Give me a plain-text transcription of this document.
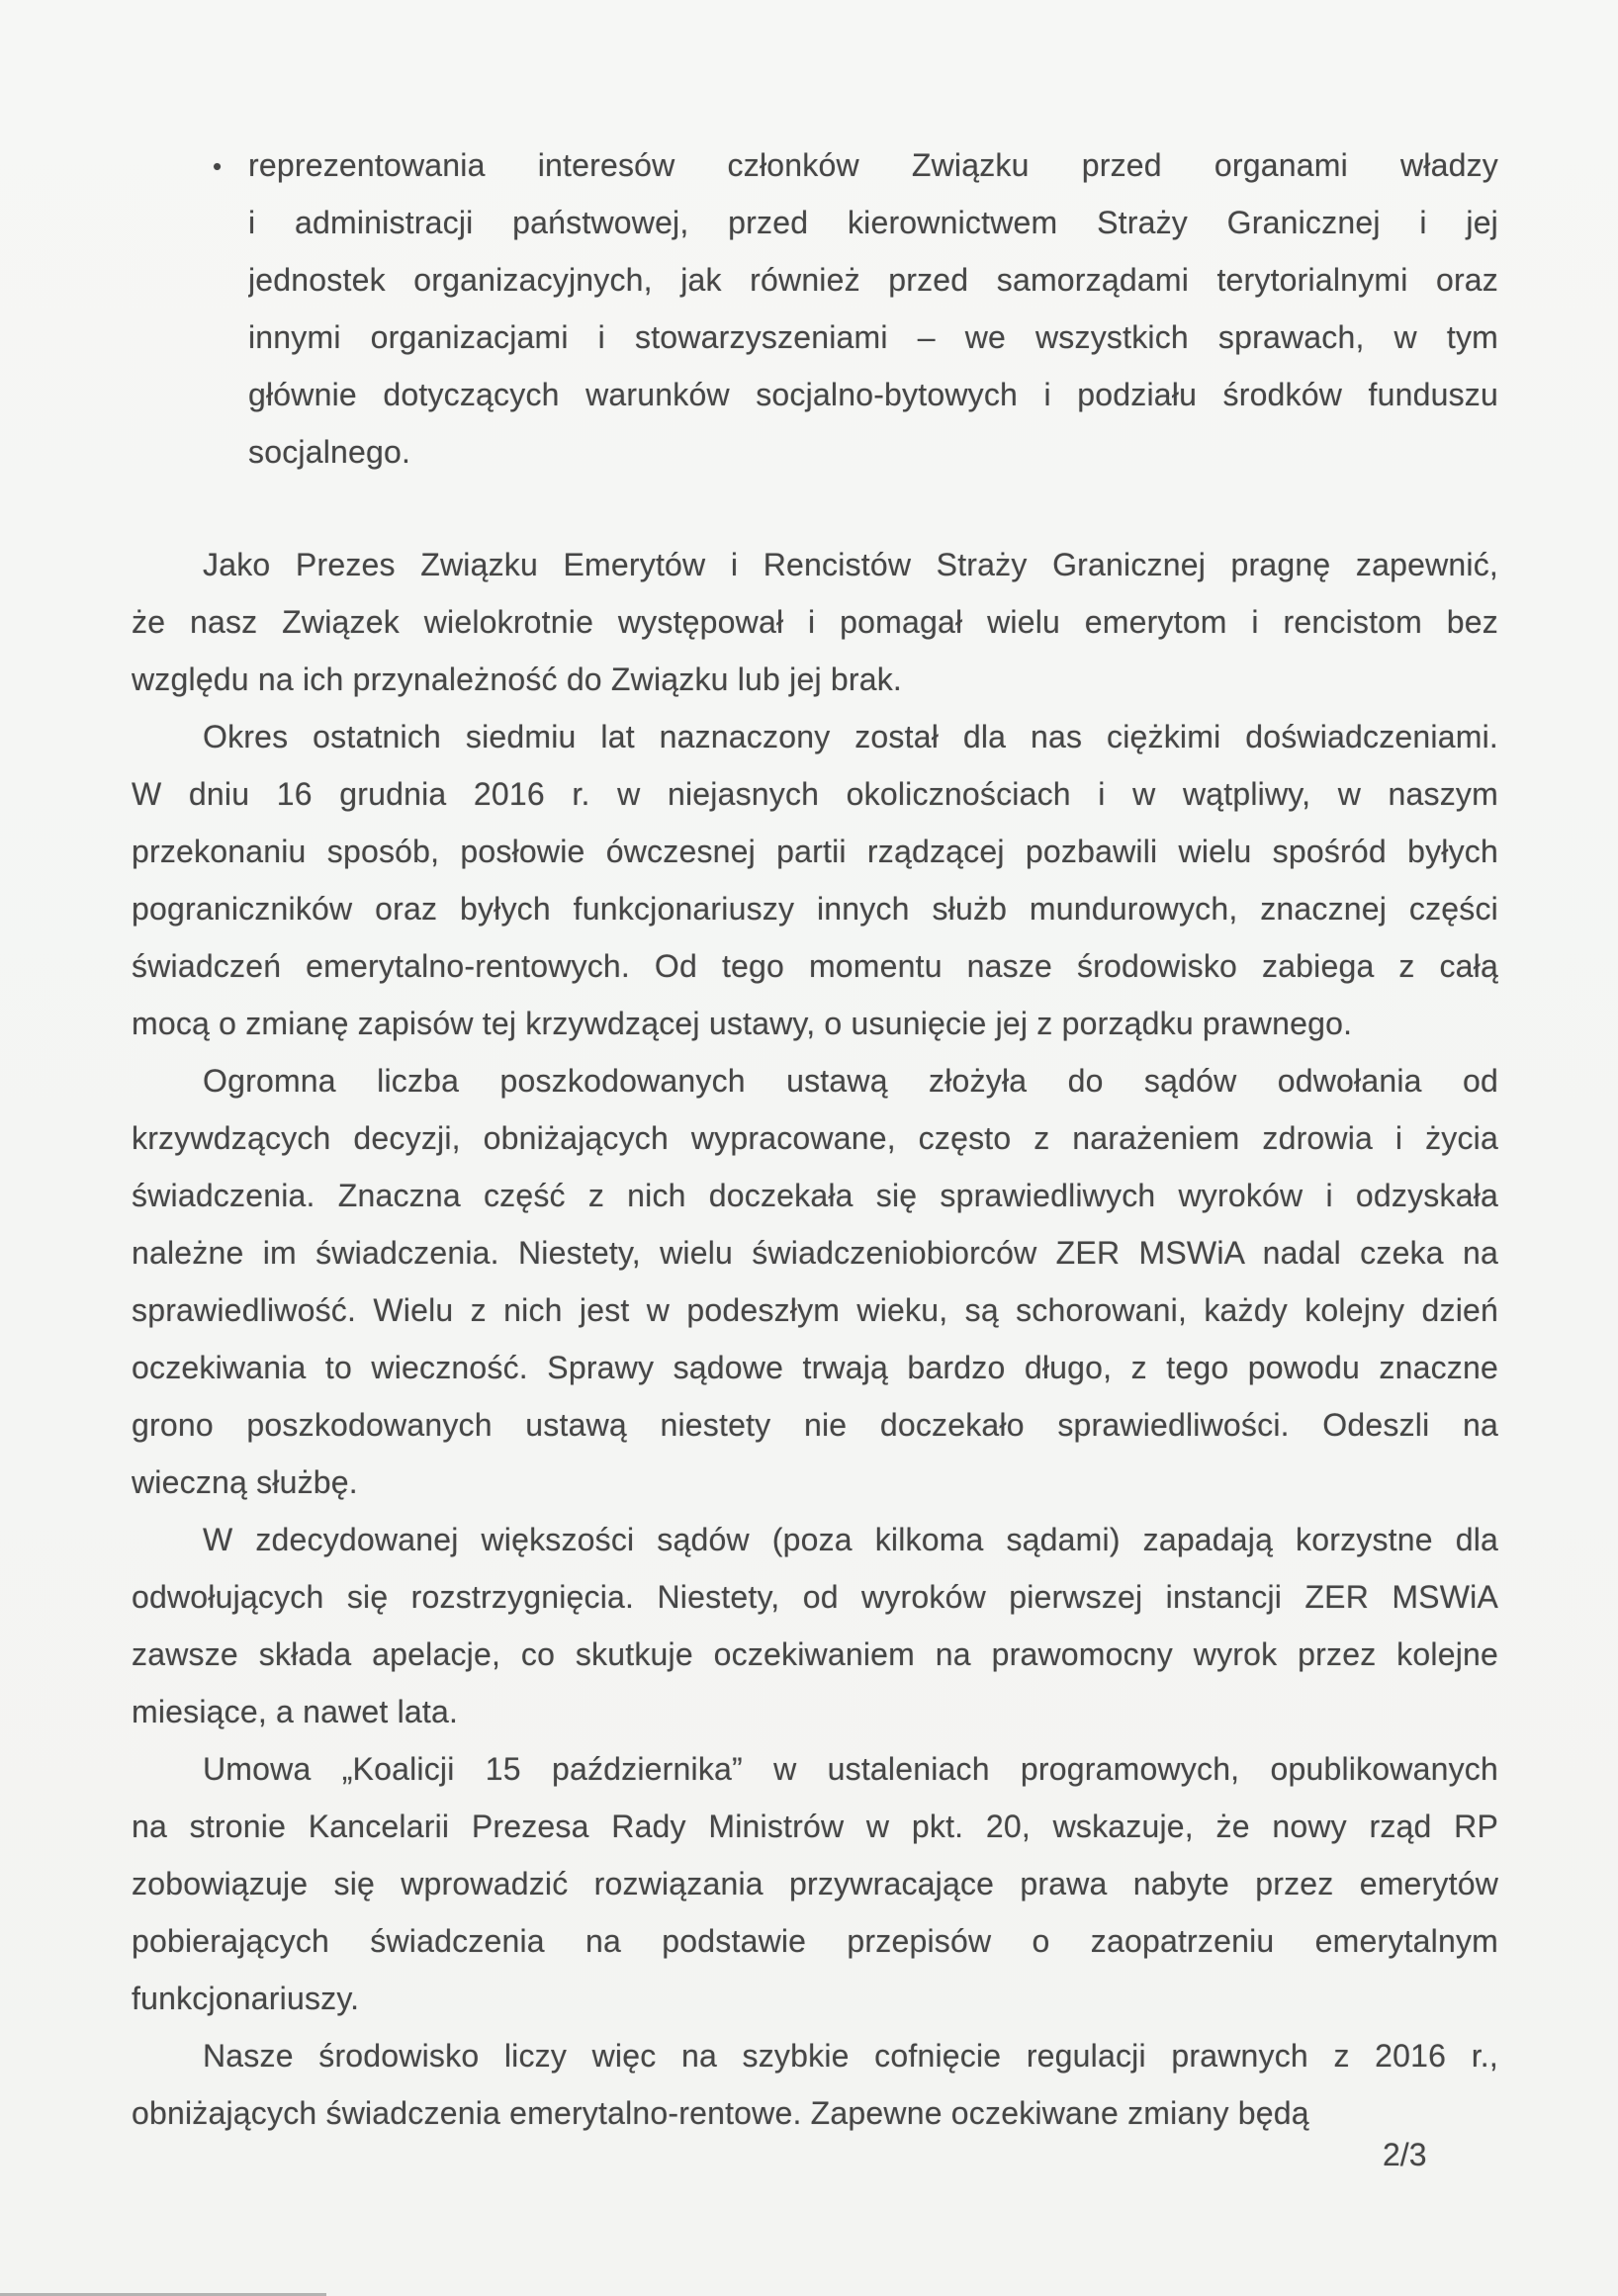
• reprezentowania interesów członków Związku przed organami władzy
i administracji państwowej, przed kierownictwem Straży Granicznej i jej
jednostek organizacyjnych, jak również przed samorządami terytorialnymi oraz
innymi organizacjami i stowarzyszeniami – we wszystkich sprawach, w tym
głównie dotyczących warunków socjalno-bytowych i podziału środków funduszu
socjalnego.
Jako Prezes Związku Emerytów i Rencistów Straży Granicznej pragnę zapewnić,
że nasz Związek wielokrotnie występował i pomagał wielu emerytom i rencistom bez
względu na ich przynależność do Związku lub jej brak.
Okres ostatnich siedmiu lat naznaczony został dla nas ciężkimi doświadczeniami.
W dniu 16 grudnia 2016 r. w niejasnych okolicznościach i w wątpliwy, w naszym
przekonaniu sposób, posłowie ówczesnej partii rządzącej pozbawili wielu spośród byłych
pograniczników oraz byłych funkcjonariuszy innych służb mundurowych, znacznej części
świadczeń emerytalno-rentowych. Od tego momentu nasze środowisko zabiega z całą
mocą o zmianę zapisów tej krzywdzącej ustawy, o usunięcie jej z porządku prawnego.
Ogromna liczba poszkodowanych ustawą złożyła do sądów odwołania od
krzywdzących decyzji, obniżających wypracowane, często z narażeniem zdrowia i życia
świadczenia. Znaczna część z nich doczekała się sprawiedliwych wyroków i odzyskała
należne im świadczenia. Niestety, wielu świadczeniobiorców ZER MSWiA nadal czeka na
sprawiedliwość. Wielu z nich jest w podeszłym wieku, są schorowani, każdy kolejny dzień
oczekiwania to wieczność. Sprawy sądowe trwają bardzo długo, z tego powodu znaczne
grono poszkodowanych ustawą niestety nie doczekało sprawiedliwości. Odeszli na
wieczną służbę.
W zdecydowanej większości sądów (poza kilkoma sądami) zapadają korzystne dla
odwołujących się rozstrzygnięcia. Niestety, od wyroków pierwszej instancji ZER MSWiA
zawsze składa apelacje, co skutkuje oczekiwaniem na prawomocny wyrok przez kolejne
miesiące, a nawet lata.
Umowa „Koalicji 15 października” w ustaleniach programowych, opublikowanych
na stronie Kancelarii Prezesa Rady Ministrów w pkt. 20, wskazuje, że nowy rząd RP
zobowiązuje się wprowadzić rozwiązania przywracające prawa nabyte przez emerytów
pobierających świadczenia na podstawie przepisów o zaopatrzeniu emerytalnym
funkcjonariuszy.
Nasze środowisko liczy więc na szybkie cofnięcie regulacji prawnych z 2016 r.,
obniżających świadczenia emerytalno-rentowe. Zapewne oczekiwane zmiany będą
2/3
